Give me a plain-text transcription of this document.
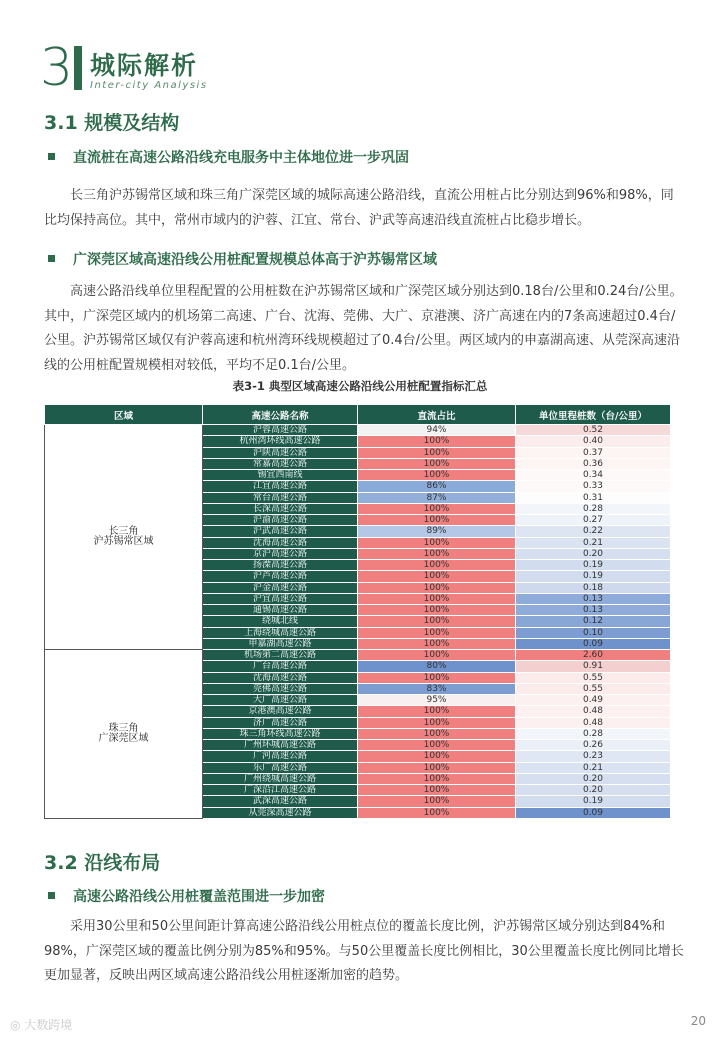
3 城际解析
Inter-city Analysis
3.1 规模及结构
直流桩在高速公路沿线充电服务中主体地位进一步巩固

长三角沪苏锡常区域和珠三角广深莞区域的城际高速公路沿线，直流公用桩占比分别达到96%和98%，同比均保持高位。其中，常州市域内的沪蓉、江宜、常台、沪武等高速沿线直流桩占比稳步增长。

广深莞区域高速沿线公用桩配置规模总体高于沪苏锡常区域

高速公路沿线单位里程配置的公用桩数在沪苏锡常区域和广深莞区域分别达到0.18台/公里和0.24台/公里。其中，广深莞区域内的机场第二高速、广台、沈海、莞佛、大广、京港澳、济广高速在内的7条高速超过0.4台/公里。沪苏锡常区域仅有沪蓉高速和杭州湾环线规模超过了0.4台/公里。两区域内的申嘉湖高速、从莞深高速沿线的公用桩配置规模相对较低，平均不足0.1台/公里。

表3-1 典型区域高速公路沿线公用桩配置指标汇总
区域	高速公路名称	直流占比	单位里程桩数（台/公里）

长三角
沪苏锡常区域	沪蓉高速公路	94%	0.52
	杭州湾环线高速公路	100%	0.40
	沪陕高速公路	100%	0.37
	常嘉高速公路	100%	0.36
	锡宜西南线	100%	0.34
	江宜高速公路	86%	0.33
	常台高速公路	87%	0.31
	长深高速公路	100%	0.28
	沪渝高速公路	100%	0.27
	沪武高速公路	89%	0.22
	沈海高速公路	100%	0.21
	京沪高速公路	100%	0.20
	扬溧高速公路	100%	0.19
	沪芦高速公路	100%	0.19
	沪金高速公路	100%	0.18
	沪宜高速公路	100%	0.13
	通锡高速公路	100%	0.13
	绕城北线	100%	0.12
	上海绕城高速公路	100%	0.10
	申嘉湖高速公路	100%	0.09

珠三角
广深莞区域	机场第二高速公路	100%	2.60
	广台高速公路	80%	0.91
	沈海高速公路	100%	0.55
	莞佛高速公路	83%	0.55
	大广高速公路	95%	0.49
	京港澳高速公路	100%	0.48
	济广高速公路	100%	0.48
	珠三角环线高速公路	100%	0.28
	广州环城高速公路	100%	0.26
	广河高速公路	100%	0.23
	乐广高速公路	100%	0.21
	广州绕城高速公路	100%	0.20
	广深沿江高速公路	100%	0.20
	武深高速公路	100%	0.19
	从莞深高速公路	100%	0.09
3.2 沿线布局
高速公路沿线公用桩覆盖范围进一步加密

采用30公里和50公里间距计算高速公路沿线公用桩点位的覆盖长度比例，沪苏锡常区域分别达到84%和98%，广深莞区域的覆盖比例分别为85%和95%。与50公里覆盖长度比例相比，30公里覆盖长度比例同比增长更加显著，反映出两区域高速公路沿线公用桩逐渐加密的趋势。

◎ 大数跨境	20
